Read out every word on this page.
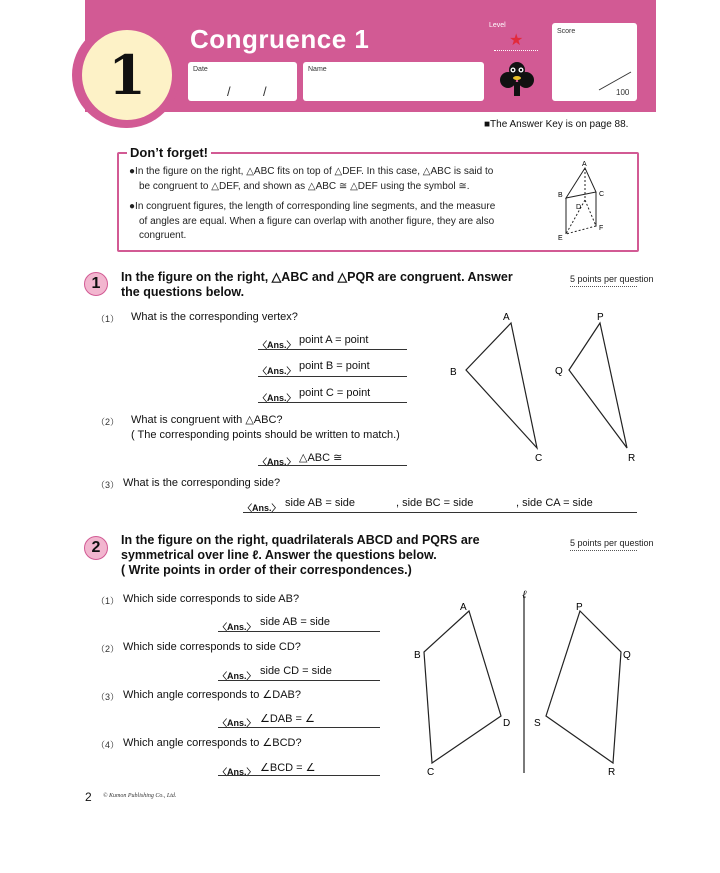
1
Congruence 1
Date
/ /
Name
Level
★
Score
100
■The Answer Key is on page 88.
Don’t forget!
●In the figure on the right, △ABC fits on top of △DEF. In this case, △ABC is said to
be congruent to △DEF, and shown as △ABC ≅ △DEF using the symbol ≅.
●In congruent figures, the length of corresponding line segments, and the measure
of angles are equal. When a figure can overlap with another figure, they are also
congruent.
A
B	C
D
E
F
1	In the figure on the right, △ABC and △PQR are congruent. Answer
the questions below.
5 points per question
（1） What is the corresponding vertex?
〈Ans.〉 point A = point
〈Ans.〉 point B = point
〈Ans.〉 point C = point
（2） What is congruent with △ABC?
( The corresponding points should be written to match.)
〈Ans.〉 △ABC ≅
（3） What is the corresponding side?
〈Ans.〉 side AB = side	, side BC = side	, side CA = side
A
B
C
P
Q
R
2	In the figure on the right, quadrilaterals ABCD and PQRS are
symmetrical over line ℓ. Answer the questions below.
( Write points in order of their correspondences.)
5 points per question
（1） Which side corresponds to side AB?
〈Ans.〉 side AB = side
（2） Which side corresponds to side CD?
〈Ans.〉 side CD = side
（3） Which angle corresponds to ∠DAB?
〈Ans.〉 ∠DAB = ∠
（4） Which angle corresponds to ∠BCD?
〈Ans.〉 ∠BCD = ∠
ℓ
A
B
C
D
P
Q
R
S
2 © Kumon Publishing Co., Ltd.
